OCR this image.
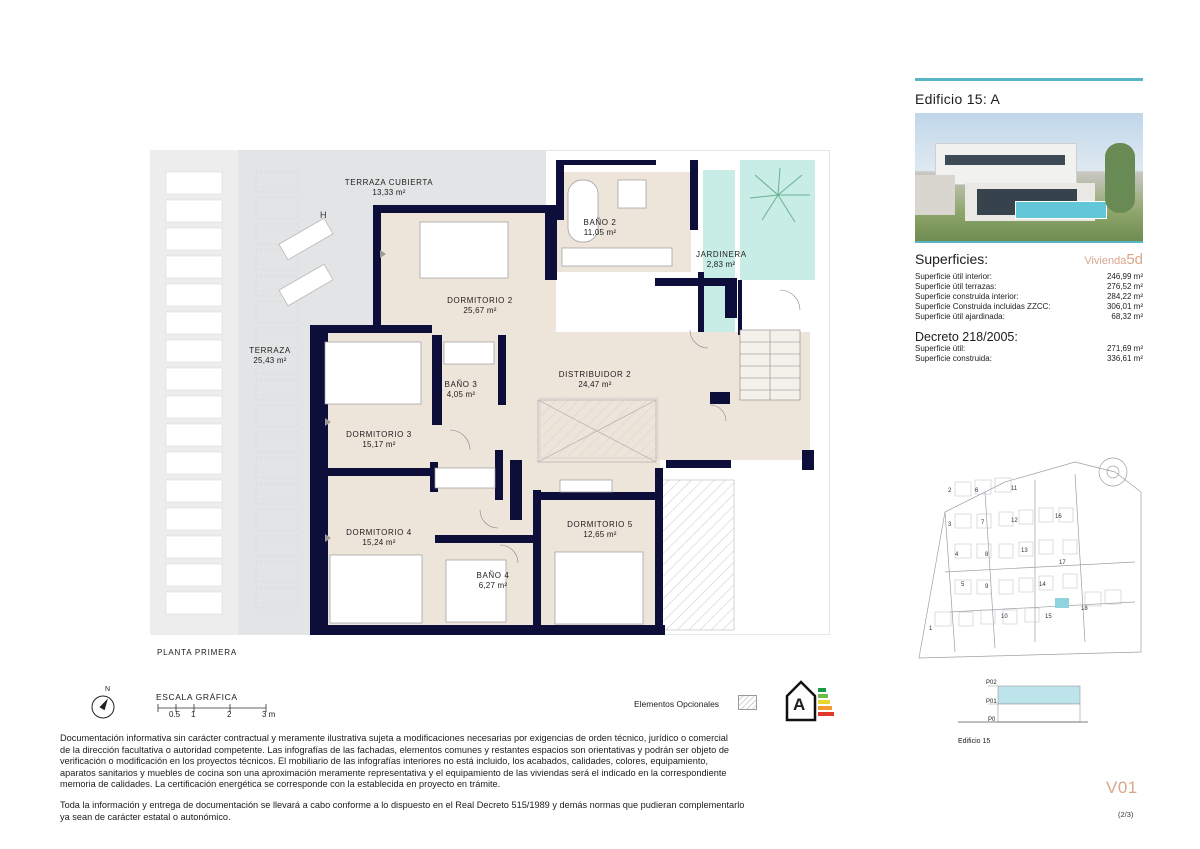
H
TERRAZA CUBIERTA
13,33 m²
BAÑO 2
11,05 m²
JARDINERA
2,83 m²
DORMITORIO 2
25,67 m²
TERRAZA
25,43 m²
BAÑO 3
4,05 m²
DISTRIBUIDOR 2
24,47 m²
DORMITORIO 3
15,17 m²
DORMITORIO 4
15,24 m²
DORMITORIO 5
12,65 m²
BAÑO 4
6,27 m²
PLANTA PRIMERA
N
ESCALA GRÁFICA
0.5 1	2	3 m
Elementos Opcionales	A
Documentación informativa sin carácter contractual y meramente ilustrativa sujeta a modificaciones necesarias por exigencias de orden técnico, jurídico o comercial
de la dirección facultativa o autoridad competente. Las infografías de las fachadas, elementos comunes y restantes espacios son orientativas y podrán ser objeto de
verificación o modificación en los proyectos técnicos. El mobiliario de las infografías interiores no está incluido, los acabados, calidades, colores, equipamiento,
aparatos sanitarios y muebles de cocina son una aproximación meramente representativa y el equipamiento de las viviendas será el indicado en la correspondiente
memoria de calidades. La certificación energética se corresponde con la establecida en proyecto en trámite.
Toda la información y entrega de documentación se llevará a cabo conforme a lo dispuesto en el Real Decreto 515/1989 y demás normas que pudieran complementarlo
ya sean de carácter estatal o autonómico.
Edificio 15: A
Superficies:	Vivienda5d
Superficie útil interior:	246,99 m²
Superficie útil terrazas:	276,52 m²
Superficie construida interior:	284,22 m²
Superficie Construida incluidas ZZCC:	306,01 m²
Superficie útil ajardinada:	68,32 m²
Decreto 218/2005:
Superficie útil:	271,69 m²
Superficie construida:	336,61 m²
2
3
4
5
6
7
8
9
10
11
12
13
14
15
16
17
18
1
P02
P01
P0
Edificio 15
V01
(2/3)
